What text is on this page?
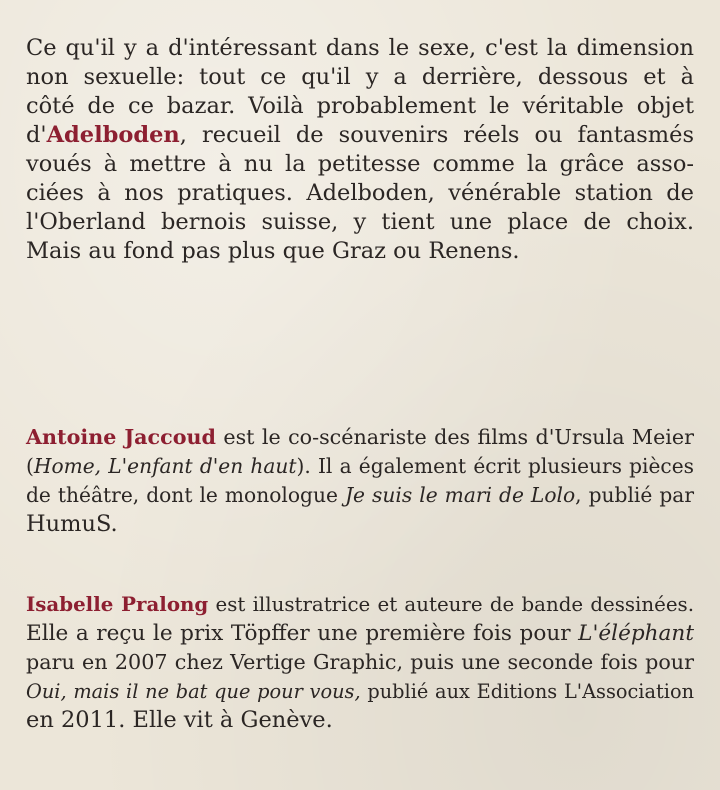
Ce qu'il y a d'intéressant dans le sexe, c'est la dimension
non sexuelle: tout ce qu'il y a derrière, dessous et à
côté de ce bazar. Voilà probablement le véritable objet
d'Adelboden, recueil de souvenirs réels ou fantasmés
voués à mettre à nu la petitesse comme la grâce asso-
ciées à nos pratiques. Adelboden, vénérable station de
l'Oberland bernois suisse, y tient une place de choix.
Mais au fond pas plus que Graz ou Renens.
Antoine Jaccoud est le co-scénariste des films d'Ursula Meier
(Home, L'enfant d'en haut). Il a également écrit plusieurs pièces
de théâtre, dont le monologue Je suis le mari de Lolo, publié par
HumuS.
Isabelle Pralong est illustratrice et auteure de bande dessinées.
Elle a reçu le prix Töpffer une première fois pour L'éléphant
paru en 2007 chez Vertige Graphic, puis une seconde fois pour
Oui, mais il ne bat que pour vous, publié aux Editions L'Association
en 2011. Elle vit à Genève.
